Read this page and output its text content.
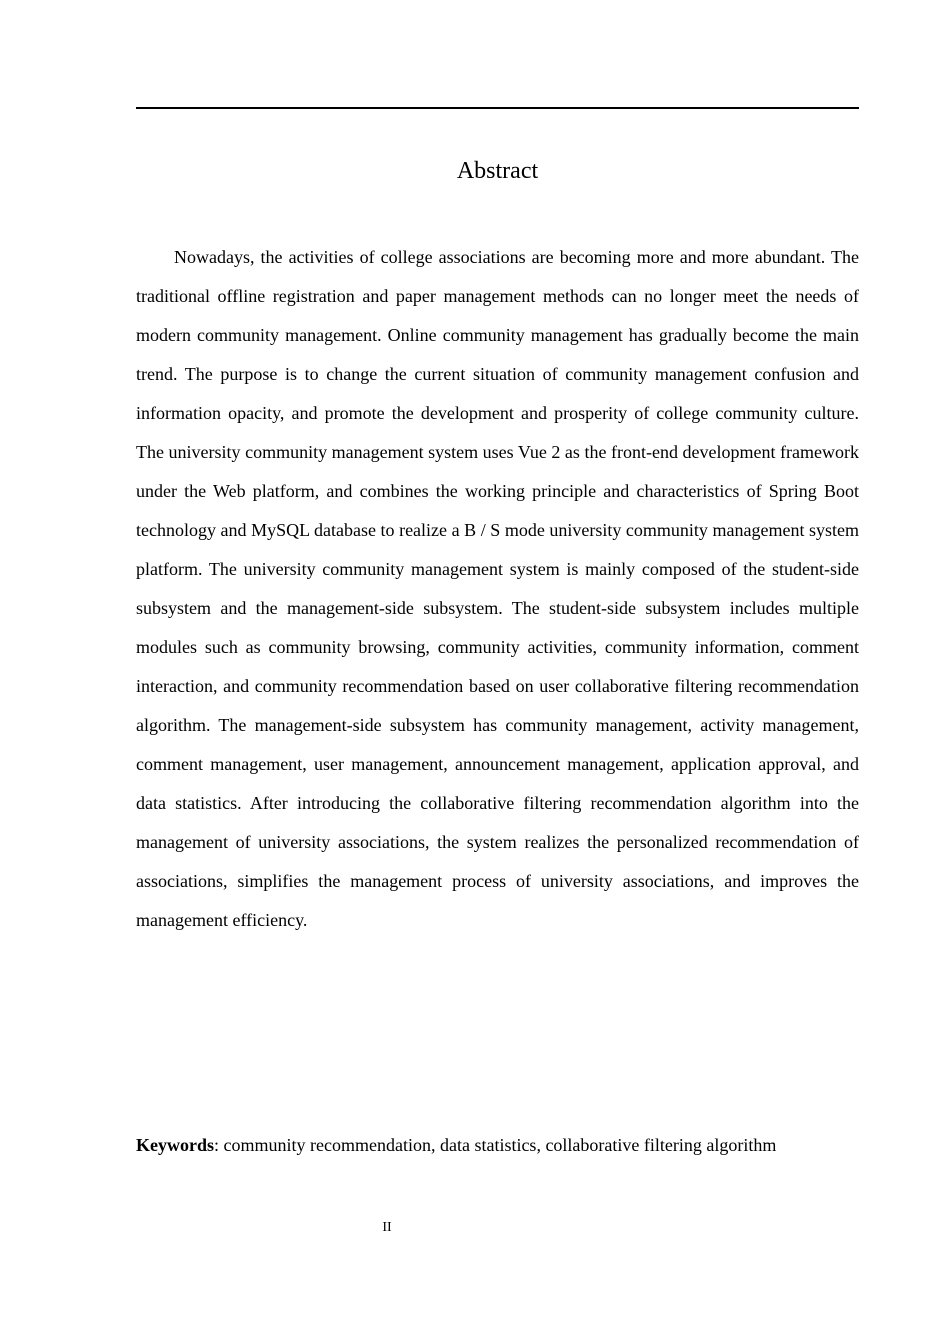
Abstract

Nowadays, the activities of college associations are becoming more and more abundant. The traditional offline registration and paper management methods can no longer meet the needs of modern community management. Online community management has gradually become the main trend. The purpose is to change the current situation of community management confusion and information opacity, and promote the development and prosperity of college community culture. The university community management system uses Vue 2 as the front-end development framework under the Web platform, and combines the working principle and characteristics of Spring Boot technology and MySQL database to realize a B / S mode university community management system platform. The university community management system is mainly composed of the student-side subsystem and the management-side subsystem. The student-side subsystem includes multiple modules such as community browsing, community activities, community information, comment interaction, and community recommendation based on user collaborative filtering recommendation algorithm. The management-side subsystem has community management, activity management, comment management, user management, announcement management, application approval, and data statistics. After introducing the collaborative filtering recommendation algorithm into the management of university associations, the system realizes the personalized recommendation of associations, simplifies the management process of university associations, and improves the management efficiency.

Keywords: community recommendation, data statistics, collaborative filtering algorithm

II
